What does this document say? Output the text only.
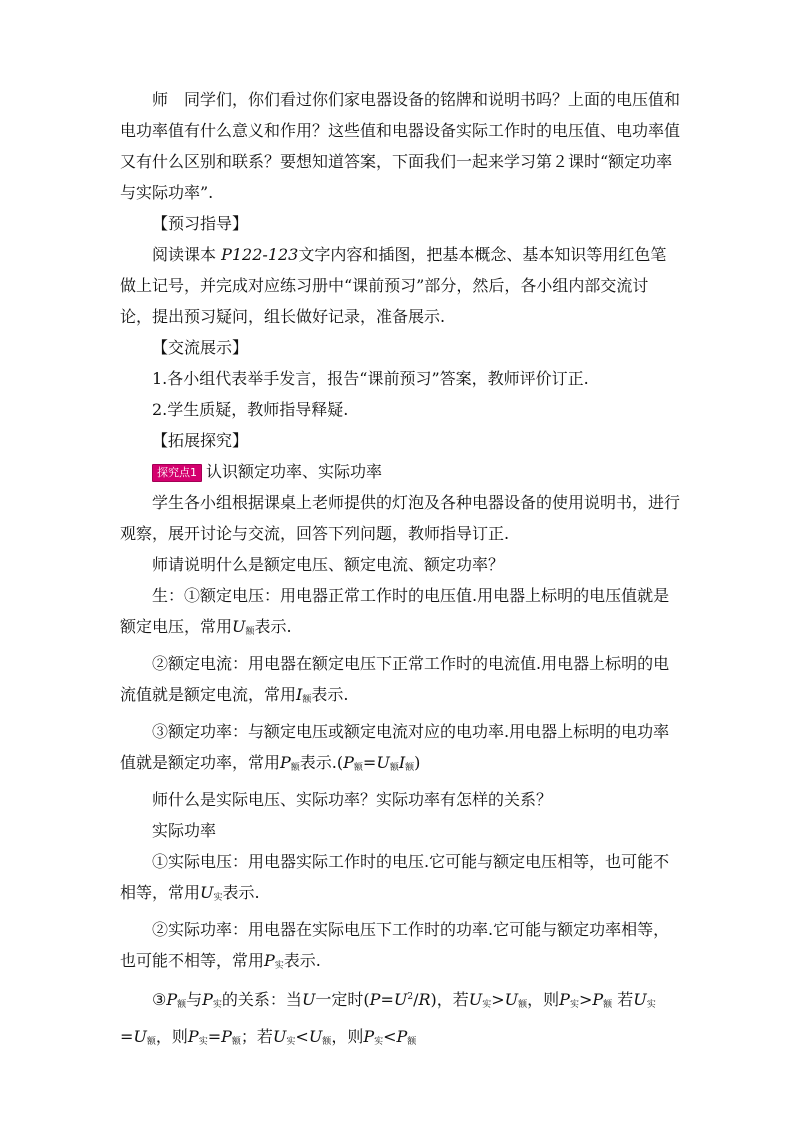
师　同学们，你们看过你们家电器设备的铭牌和说明书吗？上面的电压值和电功率值有什么意义和作用？这些值和电器设备实际工作时的电压值、电功率值又有什么区别和联系？要想知道答案，下面我们一起来学习第２课时“额定功率与实际功率”.

【预习指导】

阅读课本 P122-123文字内容和插图，把基本概念、基本知识等用红色笔做上记号，并完成对应练习册中“课前预习”部分，然后，各小组内部交流讨论，提出预习疑问，组长做好记录，准备展示.

【交流展示】

1.各小组代表举手发言，报告“课前预习”答案，教师评价订正.

2.学生质疑，教师指导释疑.

【拓展探究】

探究点1 认识额定功率、实际功率

学生各小组根据课桌上老师提供的灯泡及各种电器设备的使用说明书，进行观察，展开讨论与交流，回答下列问题，教师指导订正.

师请说明什么是额定电压、额定电流、额定功率？

生：①额定电压：用电器正常工作时的电压值.用电器上标明的电压值就是额定电压，常用$U_额$表示.

②额定电流：用电器在额定电压下正常工作时的电流值.用电器上标明的电流值就是额定电流，常用$I_额$表示.

③额定功率：与额定电压或额定电流对应的电功率.用电器上标明的电功率值就是额定功率，常用$P_额$表示$.(P_额=U_额I_额)$

师什么是实际电压、实际功率？实际功率有怎样的关系？

实际功率

①实际电压：用电器实际工作时的电压.它可能与额定电压相等，也可能不相等，常用$U_实$表示.

②实际功率：用电器在实际电压下工作时的功率.它可能与额定功率相等，也可能不相等，常用$P_实$表示.

$③P_额$与$P_实$的关系：当U一定时$(P=U^2/R)$，若$U_实>U_额$，则$P_实>P_额$ 若$U_实=U_额$，则$P_实=P_额$；若$U_实<U_额$，则$P_实<P_额$
